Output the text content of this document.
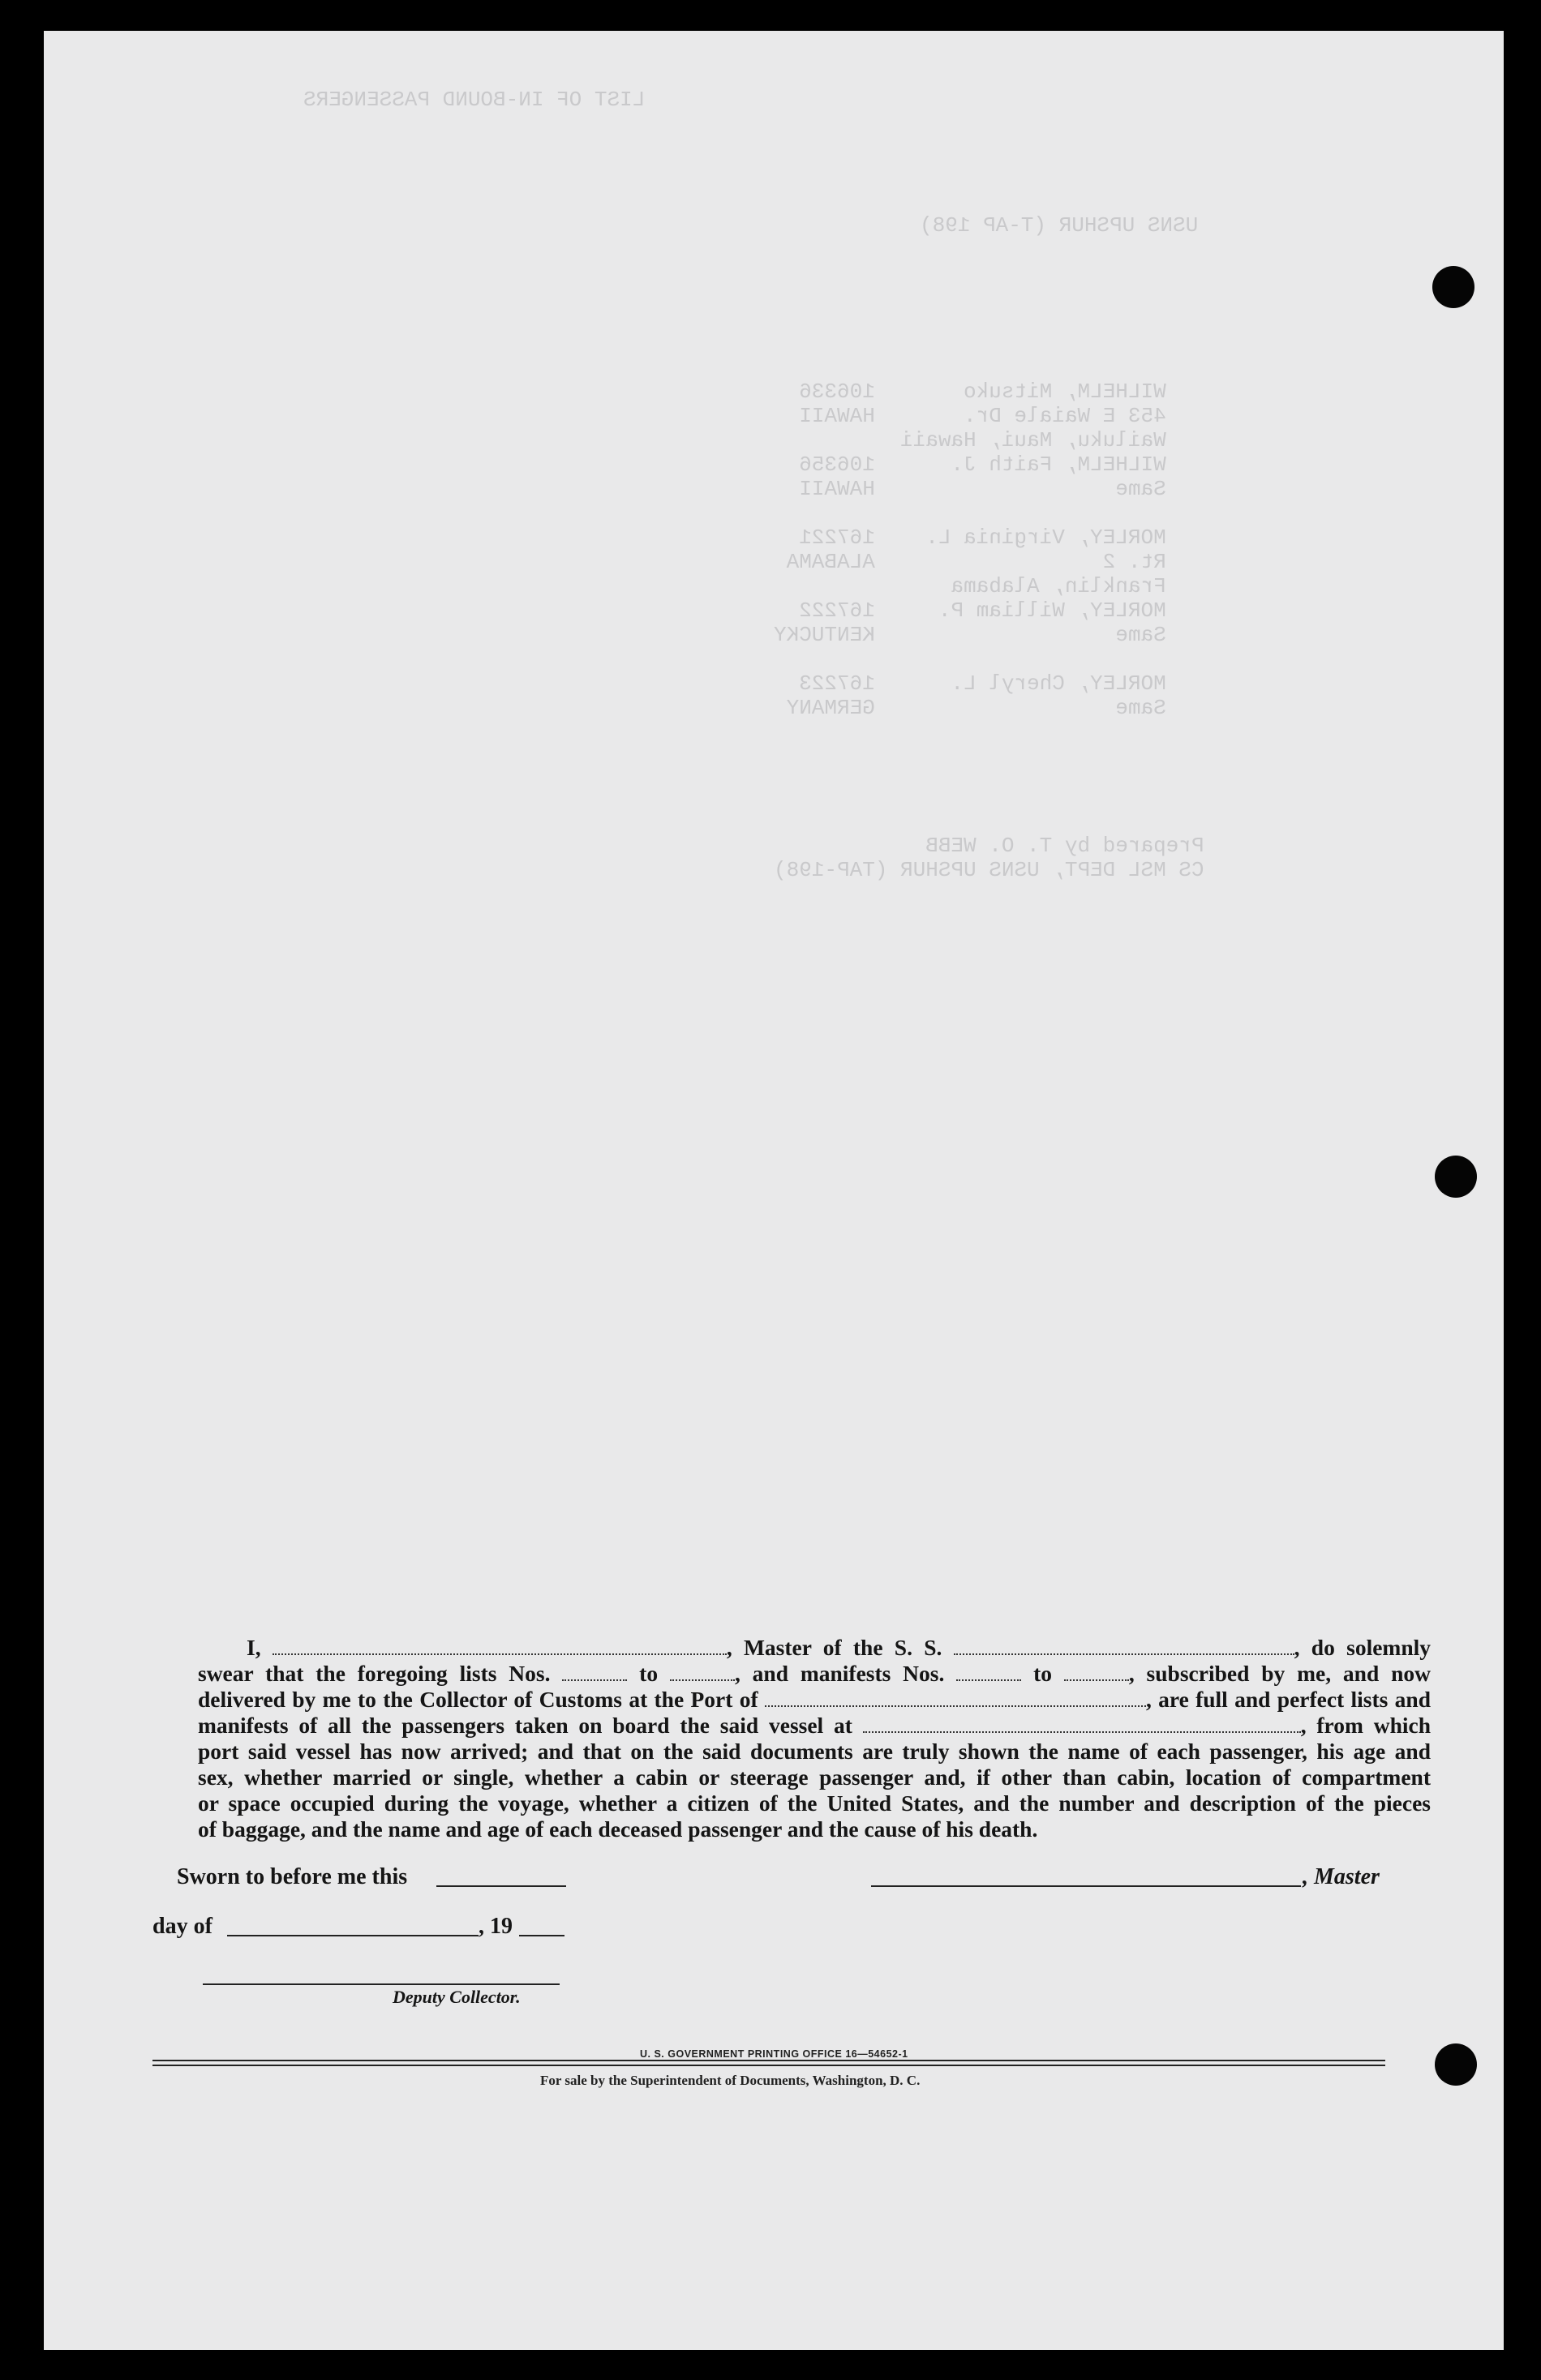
LIST OF IN-BOUND PASSENGERS
USNS UPSHUR (T-AP 198)
WILHELM, Mitsuko       106336
453 E Waiale Dr.       HAWAII
Wailuku, Maui, Hawaii
WILHELM, Faith J.      106356
Same                   HAWAII

MORLEY, Virginia L.    167221
Rt. 2                  ALABAMA
Franklin, Alabama
MORLEY, William P.     167222
Same                   KENTUCKY

MORLEY, Cheryl L.      167223
Same                   GERMANY
Prepared by T. O. WEBB
CS MSL DEPT, USNS UPSHUR (TAP-198)
I,	, Master of the S. S.	, do solemnly
swear that the foregoing lists Nos.	to	, and manifests Nos.	to	, subscribed by me, and now
delivered by me to the Collector of Customs at the Port of	, are full and perfect lists and
manifests of all the passengers taken on board the said vessel at	, from which
port said vessel has now arrived; and that on the said documents are truly shown the name of each passenger, his age and
sex, whether married or single, whether a cabin or steerage passenger and, if other than cabin, location of compartment
or space occupied during the voyage, whether a citizen of the United States, and the number and description of the pieces
of baggage, and the name and age of each deceased passenger and the cause of his death.
Sworn to before me this	, Master
day of	, 19
Deputy Collector.
U. S. GOVERNMENT PRINTING OFFICE 16—54652-1
For sale by the Superintendent of Documents, Washington, D. C.
